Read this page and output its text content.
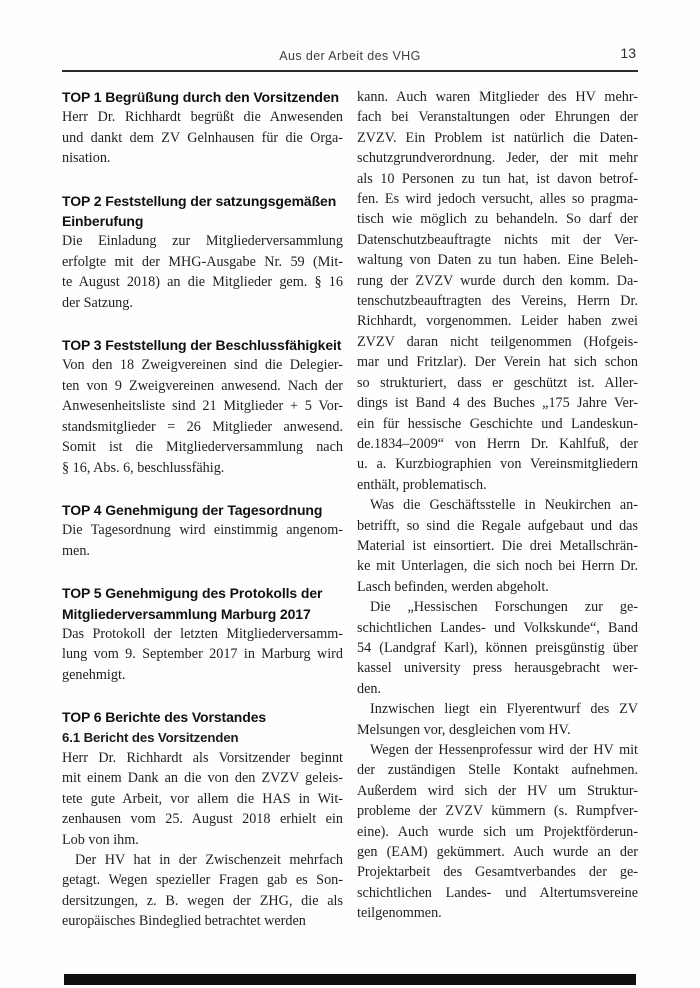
Aus der Arbeit des VHG	13
TOP 1 Begrüßung durch den Vorsitzenden
Herr Dr. Richhardt begrüßt die Anwesenden
und dankt dem ZV Gelnhausen für die Orga-
nisation.
TOP 2 Feststellung der satzungsgemäßen
Einberufung
Die Einladung zur Mitgliederversammlung
erfolgte mit der MHG-Ausgabe Nr. 59 (Mit-
te August 2018) an die Mitglieder gem. § 16
der Satzung.
TOP 3 Feststellung der Beschlussfähigkeit
Von den 18 Zweigvereinen sind die Delegier-
ten von 9 Zweigvereinen anwesend. Nach der
Anwesenheitsliste sind 21 Mitglieder + 5 Vor-
standsmitglieder = 26 Mitglieder anwesend.
Somit ist die Mitgliederversammlung nach
§ 16, Abs. 6, beschlussfähig.
TOP 4 Genehmigung der Tagesordnung
Die Tagesordnung wird einstimmig angenom-
men.
TOP 5 Genehmigung des Protokolls der
Mitgliederversammlung Marburg 2017
Das Protokoll der letzten Mitgliederversamm-
lung vom 9. September 2017 in Marburg wird
genehmigt.
TOP 6 Berichte des Vorstandes
6.1 Bericht des Vorsitzenden
Herr Dr. Richhardt als Vorsitzender beginnt
mit einem Dank an die von den ZVZV geleis-
tete gute Arbeit, vor allem die HAS in Wit-
zenhausen vom 25. August 2018 erhielt ein
Lob von ihm.
Der HV hat in der Zwischenzeit mehrfach
getagt. Wegen spezieller Fragen gab es Son-
dersitzungen, z. B. wegen der ZHG, die als
europäisches Bindeglied betrachtet werden
kann. Auch waren Mitglieder des HV mehr-
fach bei Veranstaltungen oder Ehrungen der
ZVZV. Ein Problem ist natürlich die Daten-
schutzgrundverordnung. Jeder, der mit mehr
als 10 Personen zu tun hat, ist davon betrof-
fen. Es wird jedoch versucht, alles so pragma-
tisch wie möglich zu behandeln. So darf der
Datenschutzbeauftragte nichts mit der Ver-
waltung von Daten zu tun haben. Eine Beleh-
rung der ZVZV wurde durch den komm. Da-
tenschutzbeauftragten des Vereins, Herrn Dr.
Richhardt, vorgenommen. Leider haben zwei
ZVZV daran nicht teilgenommen (Hofgeis-
mar und Fritzlar). Der Verein hat sich schon
so strukturiert, dass er geschützt ist. Aller-
dings ist Band 4 des Buches „175 Jahre Ver-
ein für hessische Geschichte und Landeskun-
de.1834–2009“ von Herrn Dr. Kahlfuß, der
u. a. Kurzbiographien von Vereinsmitgliedern
enthält, problematisch.
Was die Geschäftsstelle in Neukirchen an-
betrifft, so sind die Regale aufgebaut und das
Material ist einsortiert. Die drei Metallschrän-
ke mit Unterlagen, die sich noch bei Herrn Dr.
Lasch befinden, werden abgeholt.
Die „Hessischen Forschungen zur ge-
schichtlichen Landes- und Volkskunde“, Band
54 (Landgraf Karl), können preisgünstig über
kassel university press herausgebracht wer-
den.
Inzwischen liegt ein Flyerentwurf des ZV
Melsungen vor, desgleichen vom HV.
Wegen der Hessenprofessur wird der HV mit
der zuständigen Stelle Kontakt aufnehmen.
Außerdem wird sich der HV um Struktur-
probleme der ZVZV kümmern (s. Rumpfver-
eine). Auch wurde sich um Projektförderun-
gen (EAM) gekümmert. Auch wurde an der
Projektarbeit des Gesamtverbandes der ge-
schichtlichen Landes- und Altertumsvereine
teilgenommen.
